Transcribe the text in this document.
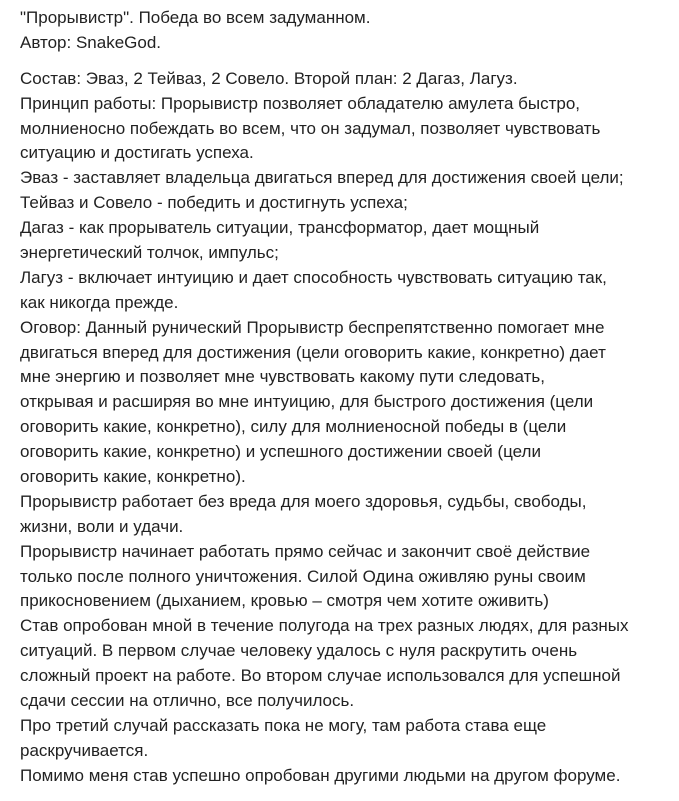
"Прорывистр". Победа во всем задуманном.
Автор: SnakeGod.
Состав: Эваз, 2 Тейваз, 2 Совело. Второй план: 2 Дагаз, Лагуз.
Принцип работы: Прорывистр позволяет обладателю амулета быстро,
молниеносно побеждать во всем, что он задумал, позволяет чувствовать
ситуацию и достигать успеха.
Эваз - заставляет владельца двигаться вперед для достижения своей цели;
Тейваз и Совело - победить и достигнуть успеха;
Дагаз - как прорыватель ситуации, трансформатор, дает мощный
энергетический толчок, импульс;
Лагуз - включает интуицию и дает способность чувствовать ситуацию так,
как никогда прежде.
Оговор: Данный рунический Прорывистр беспрепятственно помогает мне
двигаться вперед для достижения (цели оговорить какие, конкретно) дает
мне энергию и позволяет мне чувствовать какому пути следовать,
открывая и расширяя во мне интуицию, для быстрого достижения (цели
оговорить какие, конкретно), силу для молниеносной победы в (цели
оговорить какие, конкретно) и успешного достижении своей (цели
оговорить какие, конкретно).
Прорывистр работает без вреда для моего здоровья, судьбы, свободы,
жизни, воли и удачи.
Прорывистр начинает работать прямо сейчас и закончит своё действие
только после полного уничтожения. Силой Одина оживляю руны своим
прикосновением (дыханием, кровью – смотря чем хотите оживить)
Став опробован мной в течение полугода на трех разных людях, для разных
ситуаций. В первом случае человеку удалось с нуля раскрутить очень
сложный проект на работе. Во втором случае использовался для успешной
сдачи сессии на отлично, все получилось.
Про третий случай рассказать пока не могу, там работа става еще
раскручивается.
Помимо меня став успешно опробован другими людьми на другом форуме.
